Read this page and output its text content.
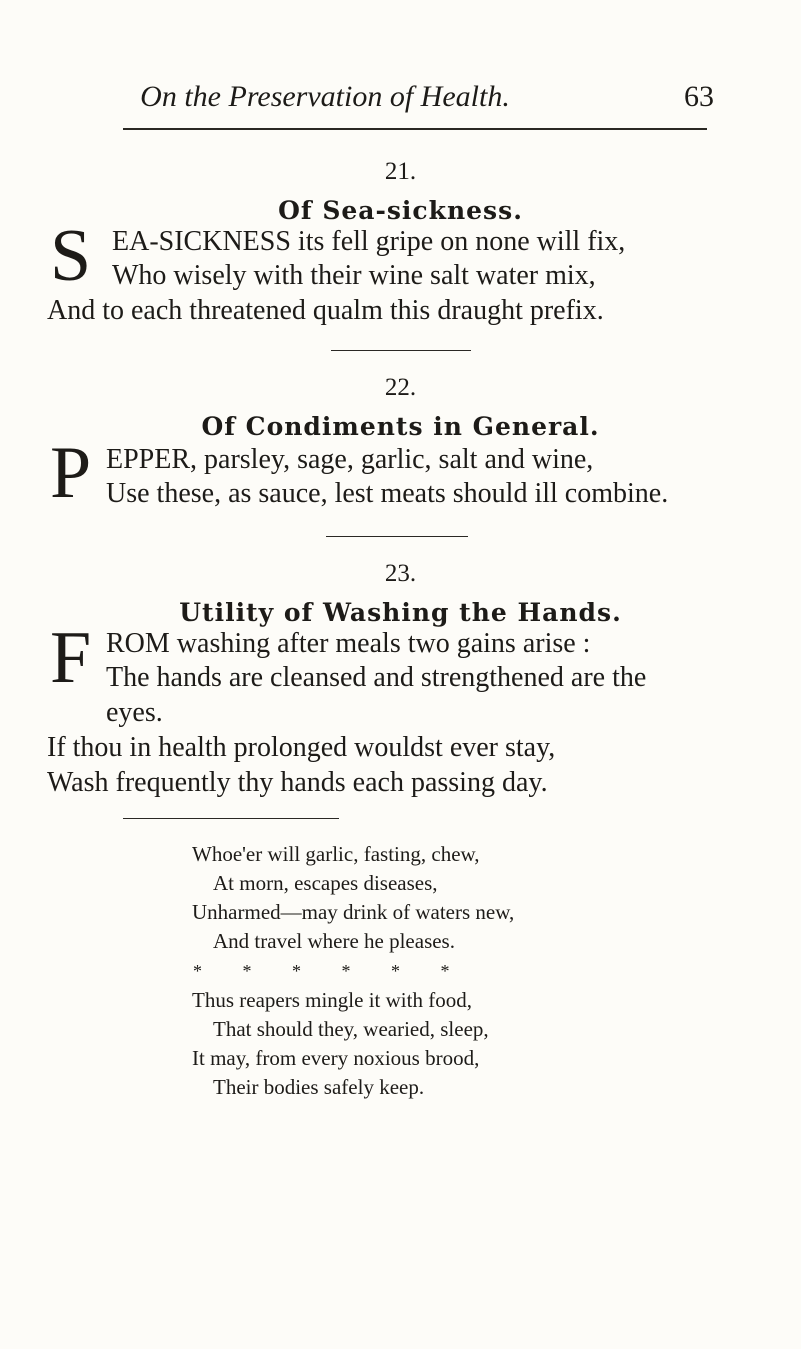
On the Preservation of Health.	63
21.
Of Sea-sickness.
S EA-SICKNESS its fell gripe on none will fix,
Who wisely with their wine salt water mix,
And to each threatened qualm this draught prefix.
22.
Of Condiments in General.
P EPPER, parsley, sage, garlic, salt and wine,
Use these, as sauce, lest meats should ill combine.
23.
Utility of Washing the Hands.
F ROM washing after meals two gains arise :
The hands are cleansed and strengthened are the
eyes.
If thou in health prolonged wouldst ever stay,
Wash frequently thy hands each passing day.
Whoe'er will garlic, fasting, chew,
At morn, escapes diseases,
Unharmed—may drink of waters new,
And travel where he pleases.
*         *         *         *         *         *
Thus reapers mingle it with food,
That should they, wearied, sleep,
It may, from every noxious brood,
Their bodies safely keep.
